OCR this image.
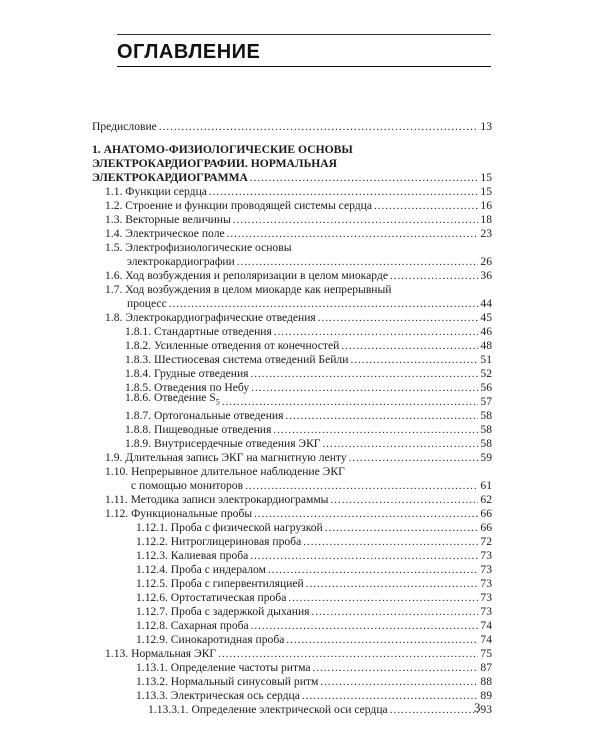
ОГЛАВЛЕНИЕ
Предисловие .....	13
1. АНАТОМО-ФИЗИОЛОГИЧЕСКИЕ ОСНОВЫ
ЭЛЕКТРОКАРДИОГРАФИИ. НОРМАЛЬНАЯ
ЭЛЕКТРОКАРДИОГРАММА .....	15
1.1. Функции сердца .....	15
1.2. Строение и функции проводящей системы сердца .....	16
1.3. Векторные величины .....	18
1.4. Электрическое поле .....	23
1.5. Электрофизиологические основы
электрокардиографии .....	26
1.6. Ход возбуждения и реполяризации в целом миокарде .....	36
1.7. Ход возбуждения в целом миокарде как непрерывный
процесс .....	44
1.8. Электрокардиографические отведения .....	45
1.8.1. Стандартные отведения .....	46
1.8.2. Усиленные отведения от конечностей .....	48
1.8.3. Шестиосевая система отведений Бейли .....	51
1.8.4. Грудные отведения .....	52
1.8.5. Отведения по Небу .....	56
1.8.6. Отведение $S_5$ .....	57
1.8.7. Ортогональные отведения .....	58
1.8.8. Пищеводные отведения .....	58
1.8.9. Внутрисердечные отведения ЭКГ .....	58
1.9. Длительная запись ЭКГ на магнитную ленту .....	59
1.10. Непрерывное длительное наблюдение ЭКГ
с помощью мониторов .....	61
1.11. Методика записи электрокардиограммы .....	62
1.12. Функциональные пробы .....	66
1.12.1. Проба с физической нагрузкой .....	66
1.12.2. Нитроглицериновая проба .....	72
1.12.3. Калиевая проба .....	73
1.12.4. Проба с индералом .....	73
1.12.5. Проба с гипервентиляцией .....	73
1.12.6. Ортостатическая проба .....	73
1.12.7. Проба с задержкой дыхания .....	73
1.12.8. Сахарная проба .....	74
1.12.9. Синокаротидная проба .....	74
1.13. Нормальная ЭКГ .....	75
1.13.1. Определение частоты ритма .....	87
1.13.2. Нормальный синусовый ритм .....	88
1.13.3. Электрическая ось сердца .....	89
1.13.3.1. Определение электрической оси сердца .....	93
3
